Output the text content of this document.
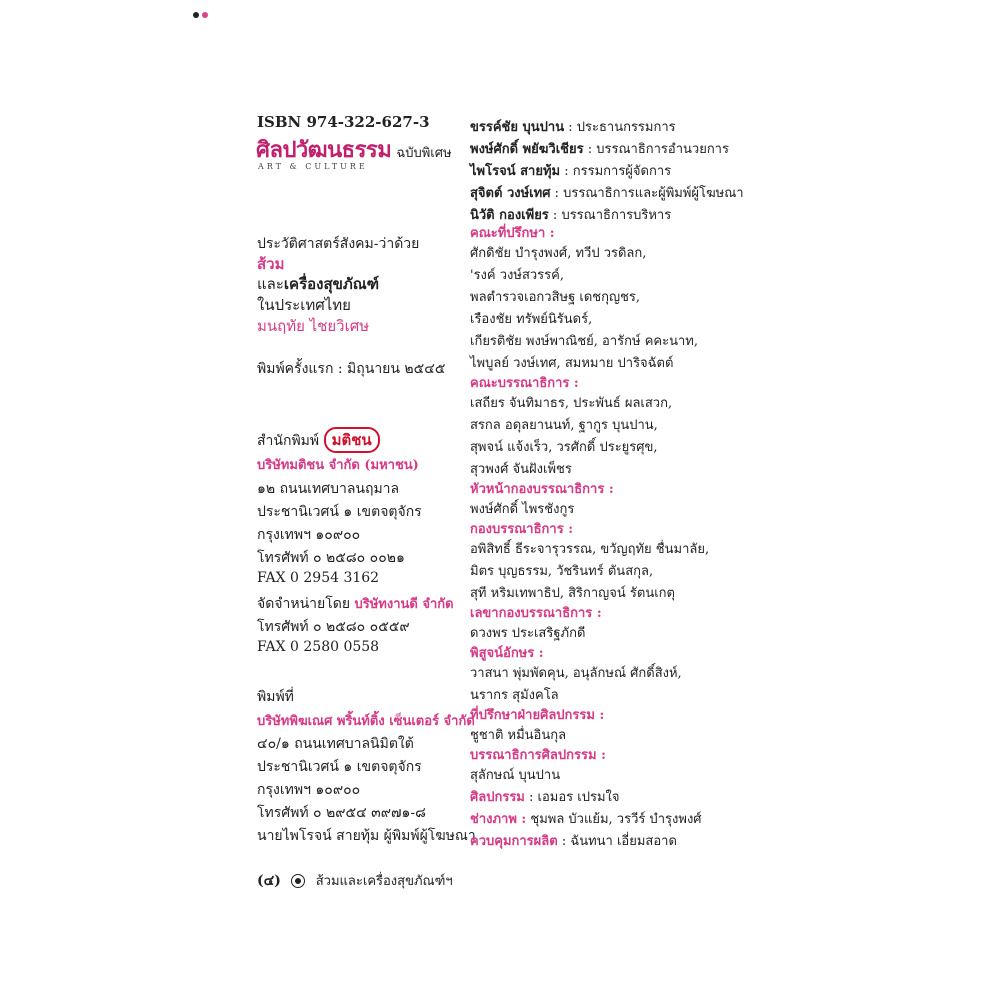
ISBN 974-322-627-3
ศิลปวัฒนธรรม ฉบับพิเศษ
ART & CULTURE
ประวัติศาสตร์สังคม-ว่าด้วย
ส้วม
และเครื่องสุขภัณฑ์
ในประเทศไทย
มนฤทัย ไชยวิเศษ
พิมพ์ครั้งแรก : มิถุนายน ๒๕๔๕
สำนักพิมพ์ มติชน
บริษัทมติชน จำกัด (มหาชน)
๑๒ ถนนเทศบาลนฤมาล
ประชานิเวศน์ ๑ เขตจตุจักร
กรุงเทพฯ ๑๐๙๐๐
โทรศัพท์ ๐ ๒๕๘๐ ๐๐๒๑
FAX 0 2954 3162
จัดจำหน่ายโดย บริษัทงานดี จำกัด
โทรศัพท์ ๐ ๒๕๘๐ ๐๕๕๙
FAX 0 2580 0558
พิมพ์ที่
บริษัทพิฆเณศ พริ้นท์ติ้ง เซ็นเตอร์ จำกัด
๔๐/๑ ถนนเทศบาลนิมิตใต้
ประชานิเวศน์ ๑ เขตจตุจักร
กรุงเทพฯ ๑๐๙๐๐
โทรศัพท์ ๐ ๒๙๕๔ ๓๙๗๑-๘
นายไพโรจน์ สายทุ้ม ผู้พิมพ์ผู้โฆษณา
ขรรค์ชัย บุนปาน : ประธานกรรมการ
พงษ์ศักดิ์ พยัฆวิเชียร : บรรณาธิการอำนวยการ
ไพโรจน์ สายทุ้ม : กรรมการผู้จัดการ
สุจิตต์ วงษ์เทศ : บรรณาธิการและผู้พิมพ์ผู้โฆษณา
นิวัติ กองเพียร : บรรณาธิการบริหาร
คณะที่ปรึกษา :
ศักดิชัย บำรุงพงศ์, ทวีป วรดิลก,
'รงค์ วงษ์สวรรค์,
พลตำรวจเอกวสิษฐ เดชกุญชร,
เรืองชัย ทรัพย์นิรันดร์,
เกียรติชัย พงษ์พาณิชย์, อารักษ์ คคะนาท,
ไพบูลย์ วงษ์เทศ, สมหมาย ปาริจฉัตต์
คณะบรรณาธิการ :
เสถียร จันทิมาธร, ประพันธ์ ผลเสวก,
สรกล อดุลยานนท์, ฐากูร บุนปาน,
สุพจน์ แจ้งเร็ว, วรศักดิ์ ประยูรศุข,
สุวพงศ์ จันฝังเพ็ชร
หัวหน้ากองบรรณาธิการ :
พงษ์ศักดิ์ ไพรชังกูร
กองบรรณาธิการ :
อพิสิทธิ์ ธีระจารุวรรณ, ขวัญฤทัย ชื่นมาลัย,
มิตร บุญธรรม, วัชรินทร์ ตันสกุล,
สุที หริมเทพาธิป, สิริกาญจน์ รัตนเกตุ
เลขากองบรรณาธิการ :
ดวงพร ประเสริฐภักดี
พิสูจน์อักษร :
วาสนา พุ่มพัดคุน, อนุลักษณ์ ศักดิ์สิงห์,
นรากร สุมังคโล
ที่ปรึกษาฝ่ายศิลปกรรม :
ชูชาติ หมื่นอินกุล
บรรณาธิการศิลปกรรม :
สุลักษณ์ บุนปาน
ศิลปกรรม : เอมอร เปรมใจ
ช่างภาพ : ชุมพล บัวแย้ม, วรวีร์ บำรุงพงศ์
ควบคุมการผลิต : ฉันทนา เอี่ยมสอาด
(๔)	ส้วมและเครื่องสุขภัณฑ์ฯ
